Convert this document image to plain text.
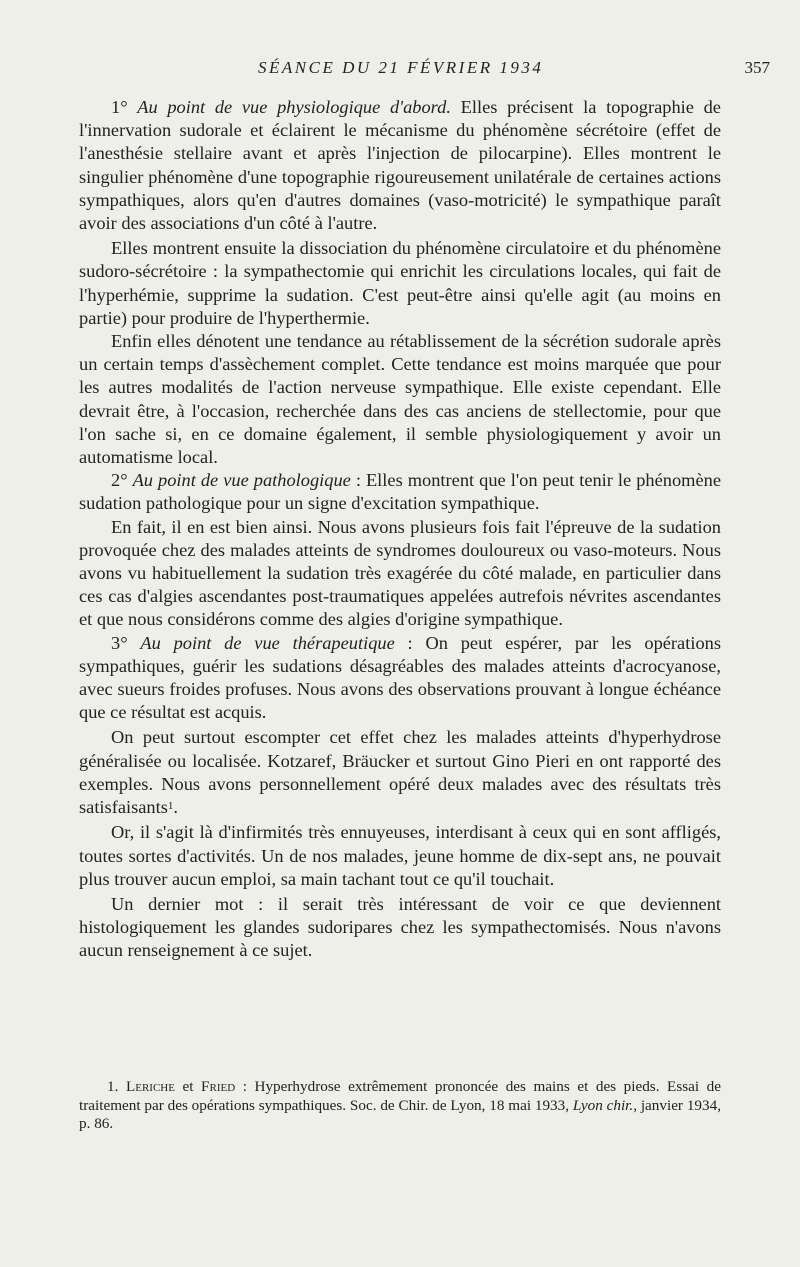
SÉANCE DU 21 FÉVRIER 1934	357

1° Au point de vue physiologique d'abord. Elles précisent la topographie de l'innervation sudorale et éclairent le mécanisme du phénomène sécrétoire (effet de l'anesthésie stellaire avant et après l'injection de pilocarpine). Elles montrent le singulier phénomène d'une topographie rigoureusement unilatérale de certaines actions sympathiques, alors qu'en d'autres domaines (vaso-motricité) le sympathique paraît avoir des associations d'un côté à l'autre.

Elles montrent ensuite la dissociation du phénomène circulatoire et du phénomène sudoro-sécrétoire : la sympathectomie qui enrichit les circulations locales, qui fait de l'hyperhémie, supprime la sudation. C'est peut-être ainsi qu'elle agit (au moins en partie) pour produire de l'hyperthermie.

Enfin elles dénotent une tendance au rétablissement de la sécrétion sudorale après un certain temps d'assèchement complet. Cette tendance est moins marquée que pour les autres modalités de l'action nerveuse sympathique. Elle existe cependant. Elle devrait être, à l'occasion, recherchée dans des cas anciens de stellectomie, pour que l'on sache si, en ce domaine également, il semble physiologiquement y avoir un automatisme local.

2° Au point de vue pathologique : Elles montrent que l'on peut tenir le phénomène sudation pathologique pour un signe d'excitation sympathique.

En fait, il en est bien ainsi. Nous avons plusieurs fois fait l'épreuve de la sudation provoquée chez des malades atteints de syndromes douloureux ou vaso-moteurs. Nous avons vu habituellement la sudation très exagérée du côté malade, en particulier dans ces cas d'algies ascendantes post-traumatiques appelées autrefois névrites ascendantes et que nous considérons comme des algies d'origine sympathique.

3° Au point de vue thérapeutique : On peut espérer, par les opérations sympathiques, guérir les sudations désagréables des malades atteints d'acrocyanose, avec sueurs froides profuses. Nous avons des observations prouvant à longue échéance que ce résultat est acquis.

On peut surtout escompter cet effet chez les malades atteints d'hyperhydrose généralisée ou localisée. Kotzaref, Bräucker et surtout Gino Pieri en ont rapporté des exemples. Nous avons personnellement opéré deux malades avec des résultats très satisfaisants$^1$.

Or, il s'agit là d'infirmités très ennuyeuses, interdisant à ceux qui en sont affligés, toutes sortes d'activités. Un de nos malades, jeune homme de dix-sept ans, ne pouvait plus trouver aucun emploi, sa main tachant tout ce qu'il touchait.

Un dernier mot : il serait très intéressant de voir ce que deviennent histologiquement les glandes sudoripares chez les sympathectomisés. Nous n'avons aucun renseignement à ce sujet.

1. Leriche et Fried : Hyperhydrose extrêmement prononcée des mains et des pieds. Essai de traitement par des opérations sympathiques. Soc. de Chir. de Lyon, 18 mai 1933, Lyon chir., janvier 1934, p. 86.
